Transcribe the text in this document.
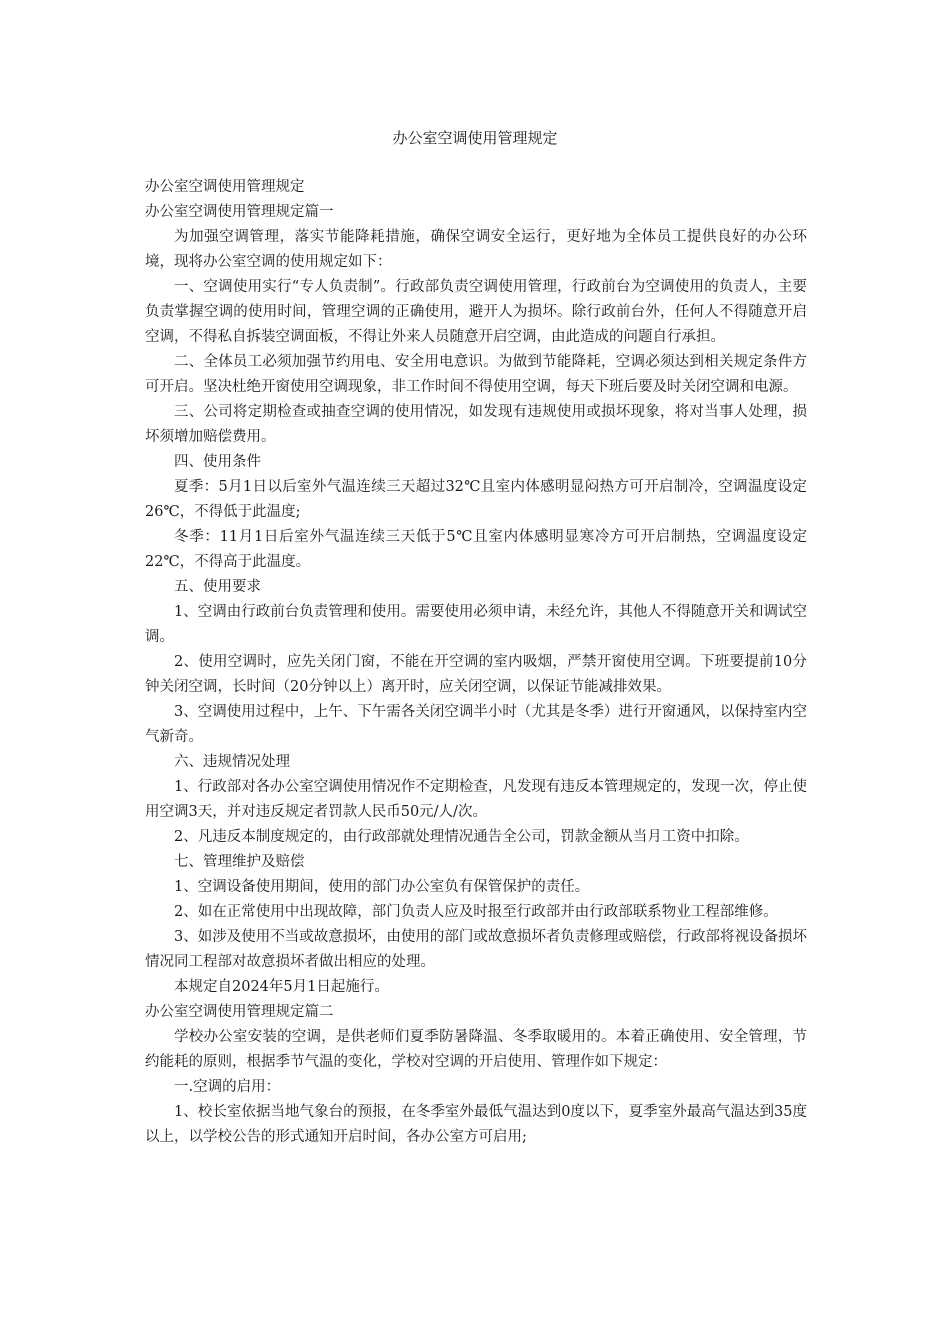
办公室空调使用管理规定

办公室空调使用管理规定

办公室空调使用管理规定篇一

为加强空调管理，落实节能降耗措施，确保空调安全运行，更好地为全体员工提供良好的办公环境，现将办公室空调的使用规定如下：

一、空调使用实行“专人负责制”。行政部负责空调使用管理，行政前台为空调使用的负责人，主要负责掌握空调的使用时间，管理空调的正确使用，避开人为损坏。除行政前台外，任何人不得随意开启空调，不得私自拆装空调面板，不得让外来人员随意开启空调，由此造成的问题自行承担。

二、全体员工必须加强节约用电、安全用电意识。为做到节能降耗，空调必须达到相关规定条件方可开启。坚决杜绝开窗使用空调现象，非工作时间不得使用空调，每天下班后要及时关闭空调和电源。

三、公司将定期检查或抽查空调的使用情况，如发现有违规使用或损坏现象，将对当事人处理，损坏须增加赔偿费用。

四、使用条件

夏季：5月1日以后室外气温连续三天超过32℃且室内体感明显闷热方可开启制冷，空调温度设定26℃，不得低于此温度;

冬季：11月1日后室外气温连续三天低于5℃且室内体感明显寒冷方可开启制热，空调温度设定22℃，不得高于此温度。

五、使用要求

1、空调由行政前台负责管理和使用。需要使用必须申请，未经允许，其他人不得随意开关和调试空调。

2、使用空调时，应先关闭门窗，不能在开空调的室内吸烟，严禁开窗使用空调。下班要提前10分钟关闭空调，长时间（20分钟以上）离开时，应关闭空调，以保证节能减排效果。

3、空调使用过程中，上午、下午需各关闭空调半小时（尤其是冬季）进行开窗通风，以保持室内空气新奇。

六、违规情况处理

1、行政部对各办公室空调使用情况作不定期检查，凡发现有违反本管理规定的，发现一次，停止使用空调3天，并对违反规定者罚款人民币50元/人/次。

2、凡违反本制度规定的，由行政部就处理情况通告全公司，罚款金额从当月工资中扣除。

七、管理维护及赔偿

1、空调设备使用期间，使用的部门办公室负有保管保护的责任。

2、如在正常使用中出现故障，部门负责人应及时报至行政部并由行政部联系物业工程部维修。

3、如涉及使用不当或故意损坏，由使用的部门或故意损坏者负责修理或赔偿，行政部将视设备损坏情况同工程部对故意损坏者做出相应的处理。

本规定自2024年5月1日起施行。

办公室空调使用管理规定篇二

学校办公室安装的空调，是供老师们夏季防暑降温、冬季取暖用的。本着正确使用、安全管理，节约能耗的原则，根据季节气温的变化，学校对空调的开启使用、管理作如下规定：

一.空调的启用：

1、校长室依据当地气象台的预报，在冬季室外最低气温达到0度以下，夏季室外最高气温达到35度以上，以学校公告的形式通知开启时间，各办公室方可启用;
